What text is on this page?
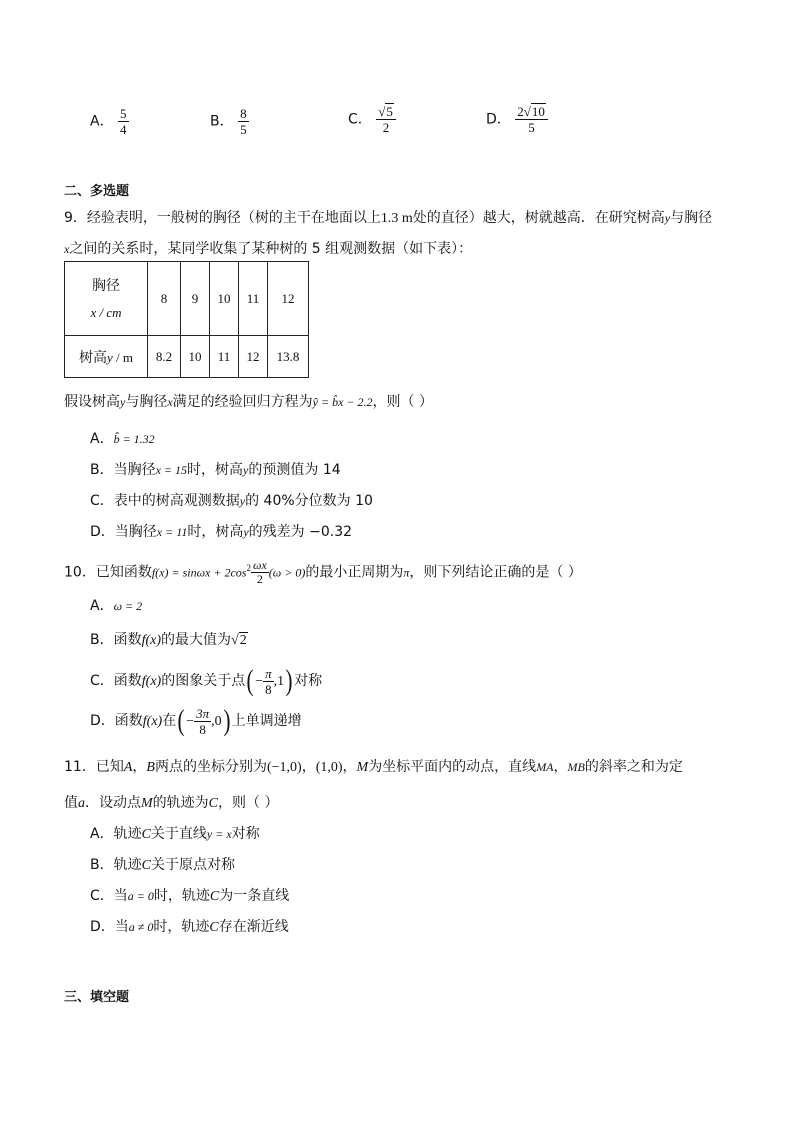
A． $\frac{5}{4}$	B． $\frac{8}{5}$	C． $\frac{√5}{2}$	D． $\frac{2√10}{5}$
二、多选题
9．经验表明，一般树的胸径（树的主干在地面以上1.3 m处的直径）越大，树就越高．在研究树高y与胸径
x之间的关系时，某同学收集了某种树的 5 组观测数据（如下表）：
胸径
x / cm	8	9	10	11	12
树高y / m	8.2	10	11	12	13.8
假设树高y与胸径x满足的经验回归方程为ŷ = b̂x − 2.2，则（ ）
A．b̂ = 1.32
B．当胸径x = 15时，树高y的预测值为 14
C．表中的树高观测数据y的 40%分位数为 10
D．当胸径x = 11时，树高y的残差为 −0.32
10．已知函数$f(x) = \sin\omega x + 2\cos^2 \frac{\omega x}{2} (\omega > 0)$的最小正周期为π，则下列结论正确的是（ ）
A．ω = 2
B．函数f(x)的最大值为√2
C．函数f(x)的图象关于点( − $\frac{\pi}{8} ,1$) 对称
D．函数f(x)在( − $\frac{3\pi}{8} ,0$) 上单调递增
11．已知A，B两点的坐标分别为(−1,0)，(1,0)，M为坐标平面内的动点，直线MA，MB的斜率之和为定
值a．设动点M的轨迹为C，则（ ）
A．轨迹C关于直线y = x对称
B．轨迹C关于原点对称
C．当a = 0时，轨迹C为一条直线
D．当a ≠ 0时，轨迹C存在渐近线
三、填空题
